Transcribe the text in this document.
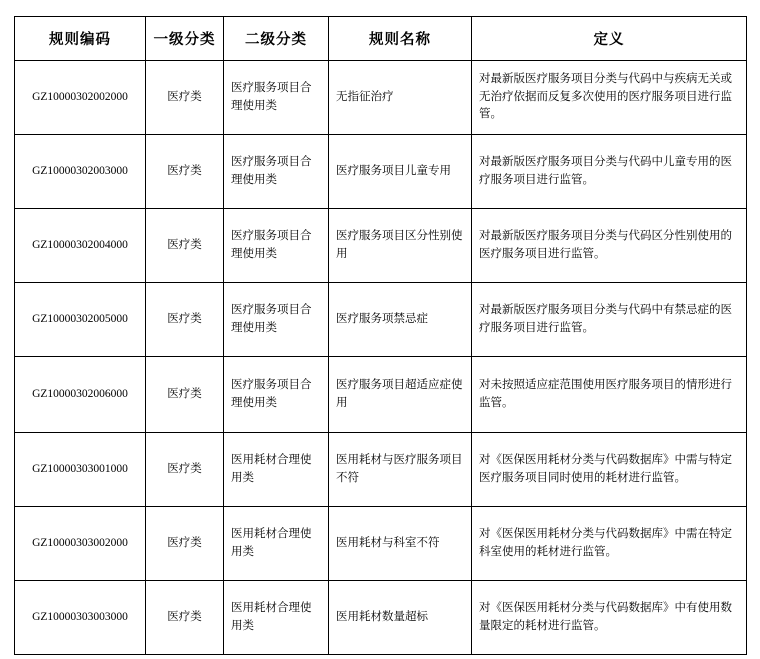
规则编码	一级分类	二级分类	规则名称	定义
GZ10000302002000	医疗类	医疗服务项目合理使用类	无指征治疗	对最新版医疗服务项目分类与代码中与疾病无关或无治疗依据而反复多次使用的医疗服务项目进行监管。
GZ10000302003000	医疗类	医疗服务项目合理使用类	医疗服务项目儿童专用	对最新版医疗服务项目分类与代码中儿童专用的医疗服务项目进行监管。
GZ10000302004000	医疗类	医疗服务项目合理使用类	医疗服务项目区分性别使用	对最新版医疗服务项目分类与代码区分性别使用的医疗服务项目进行监管。
GZ10000302005000	医疗类	医疗服务项目合理使用类	医疗服务项禁忌症	对最新版医疗服务项目分类与代码中有禁忌症的医疗服务项目进行监管。
GZ10000302006000	医疗类	医疗服务项目合理使用类	医疗服务项目超适应症使用	对未按照适应症范围使用医疗服务项目的情形进行监管。
GZ10000303001000	医疗类	医用耗材合理使用类	医用耗材与医疗服务项目不符	对《医保医用耗材分类与代码数据库》中需与特定医疗服务项目同时使用的耗材进行监管。
GZ10000303002000	医疗类	医用耗材合理使用类	医用耗材与科室不符	对《医保医用耗材分类与代码数据库》中需在特定科室使用的耗材进行监管。
GZ10000303003000	医疗类	医用耗材合理使用类	医用耗材数量超标	对《医保医用耗材分类与代码数据库》中有使用数量限定的耗材进行监管。
